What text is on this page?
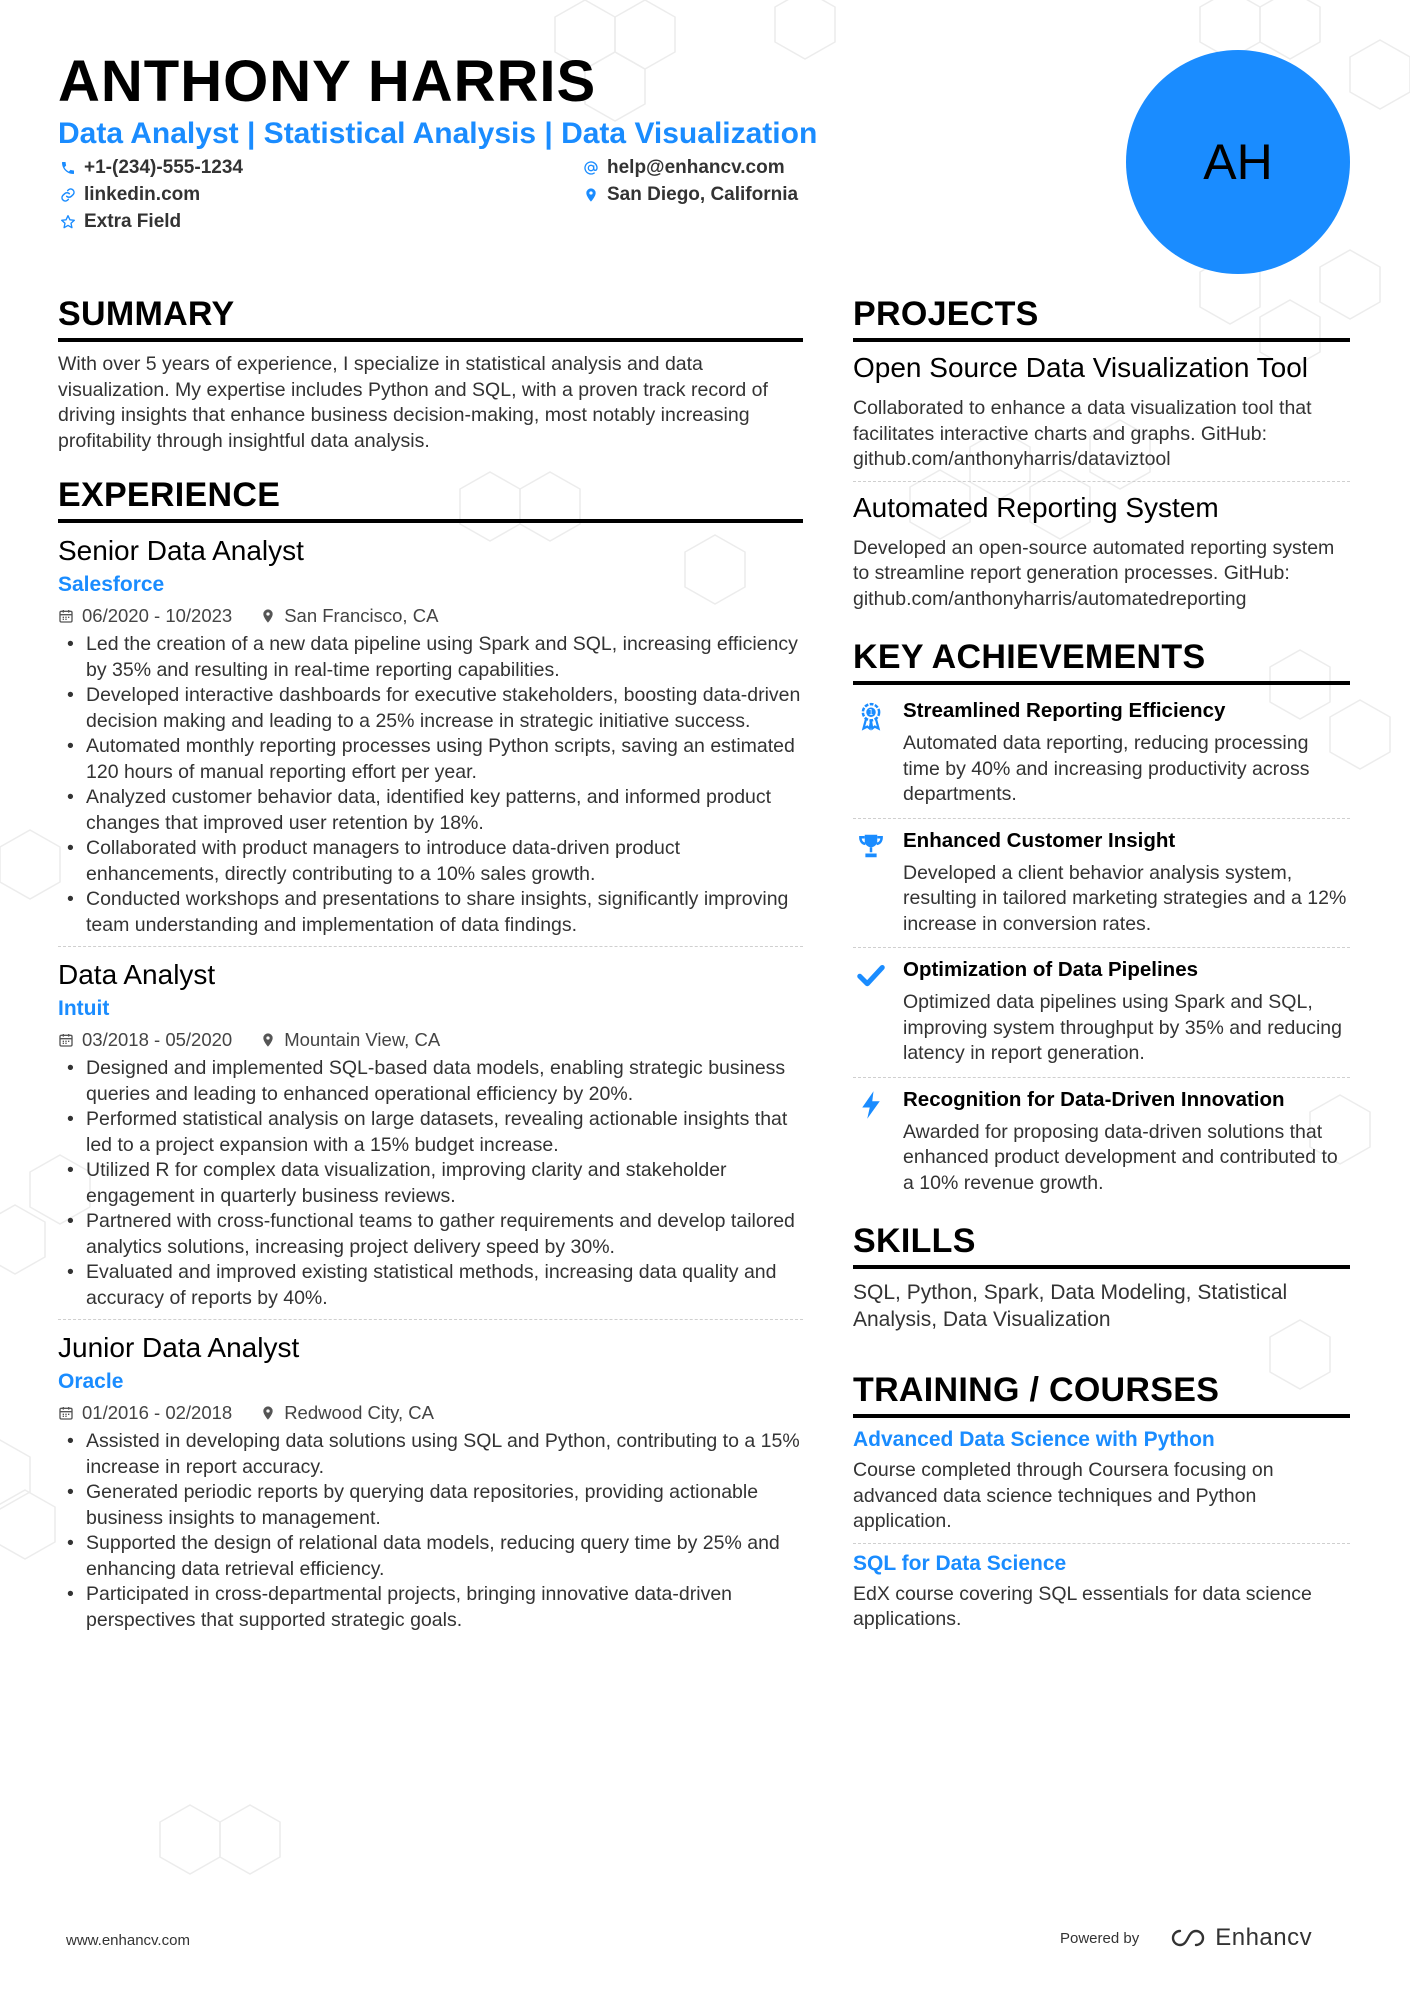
ANTHONY HARRIS
Data Analyst | Statistical Analysis | Data Visualization
+1-(234)-555-1234	help@enhancv.com
linkedin.com	San Diego, California
Extra Field
AH
SUMMARY
With over 5 years of experience, I specialize in statistical analysis and data visualization. My expertise includes Python and SQL, with a proven track record of driving insights that enhance business decision-making, most notably increasing profitability through insightful data analysis.
EXPERIENCE
Senior Data Analyst
Salesforce
06/2020 - 10/2023	San Francisco, CA
• Led the creation of a new data pipeline using Spark and SQL, increasing efficiency by 35% and resulting in real-time reporting capabilities.
• Developed interactive dashboards for executive stakeholders, boosting data-driven decision making and leading to a 25% increase in strategic initiative success.
• Automated monthly reporting processes using Python scripts, saving an estimated 120 hours of manual reporting effort per year.
• Analyzed customer behavior data, identified key patterns, and informed product changes that improved user retention by 18%.
• Collaborated with product managers to introduce data-driven product enhancements, directly contributing to a 10% sales growth.
• Conducted workshops and presentations to share insights, significantly improving team understanding and implementation of data findings.
Data Analyst
Intuit
03/2018 - 05/2020	Mountain View, CA
• Designed and implemented SQL-based data models, enabling strategic business queries and leading to enhanced operational efficiency by 20%.
• Performed statistical analysis on large datasets, revealing actionable insights that led to a project expansion with a 15% budget increase.
• Utilized R for complex data visualization, improving clarity and stakeholder engagement in quarterly business reviews.
• Partnered with cross-functional teams to gather requirements and develop tailored analytics solutions, increasing project delivery speed by 30%.
• Evaluated and improved existing statistical methods, increasing data quality and accuracy of reports by 40%.
Junior Data Analyst
Oracle
01/2016 - 02/2018	Redwood City, CA
• Assisted in developing data solutions using SQL and Python, contributing to a 15% increase in report accuracy.
• Generated periodic reports by querying data repositories, providing actionable business insights to management.
• Supported the design of relational data models, reducing query time by 25% and enhancing data retrieval efficiency.
• Participated in cross-departmental projects, bringing innovative data-driven perspectives that supported strategic goals.
PROJECTS
Open Source Data Visualization Tool
Collaborated to enhance a data visualization tool that facilitates interactive charts and graphs. GitHub: github.com/anthonyharris/dataviztool
Automated Reporting System
Developed an open-source automated reporting system to streamline report generation processes. GitHub: github.com/anthonyharris/automatedreporting
KEY ACHIEVEMENTS
1 Streamlined Reporting Efficiency
Automated data reporting, reducing processing time by 40% and increasing productivity across departments.
Enhanced Customer Insight
Developed a client behavior analysis system, resulting in tailored marketing strategies and a 12% increase in conversion rates.
Optimization of Data Pipelines
Optimized data pipelines using Spark and SQL, improving system throughput by 35% and reducing latency in report generation.
Recognition for Data-Driven Innovation
Awarded for proposing data-driven solutions that enhanced product development and contributed to a 10% revenue growth.
SKILLS
SQL, Python, Spark, Data Modeling, Statistical Analysis, Data Visualization
TRAINING / COURSES
Advanced Data Science with Python
Course completed through Coursera focusing on advanced data science techniques and Python application.
SQL for Data Science
EdX course covering SQL essentials for data science applications.
www.enhancv.com	Powered by	Enhancv
